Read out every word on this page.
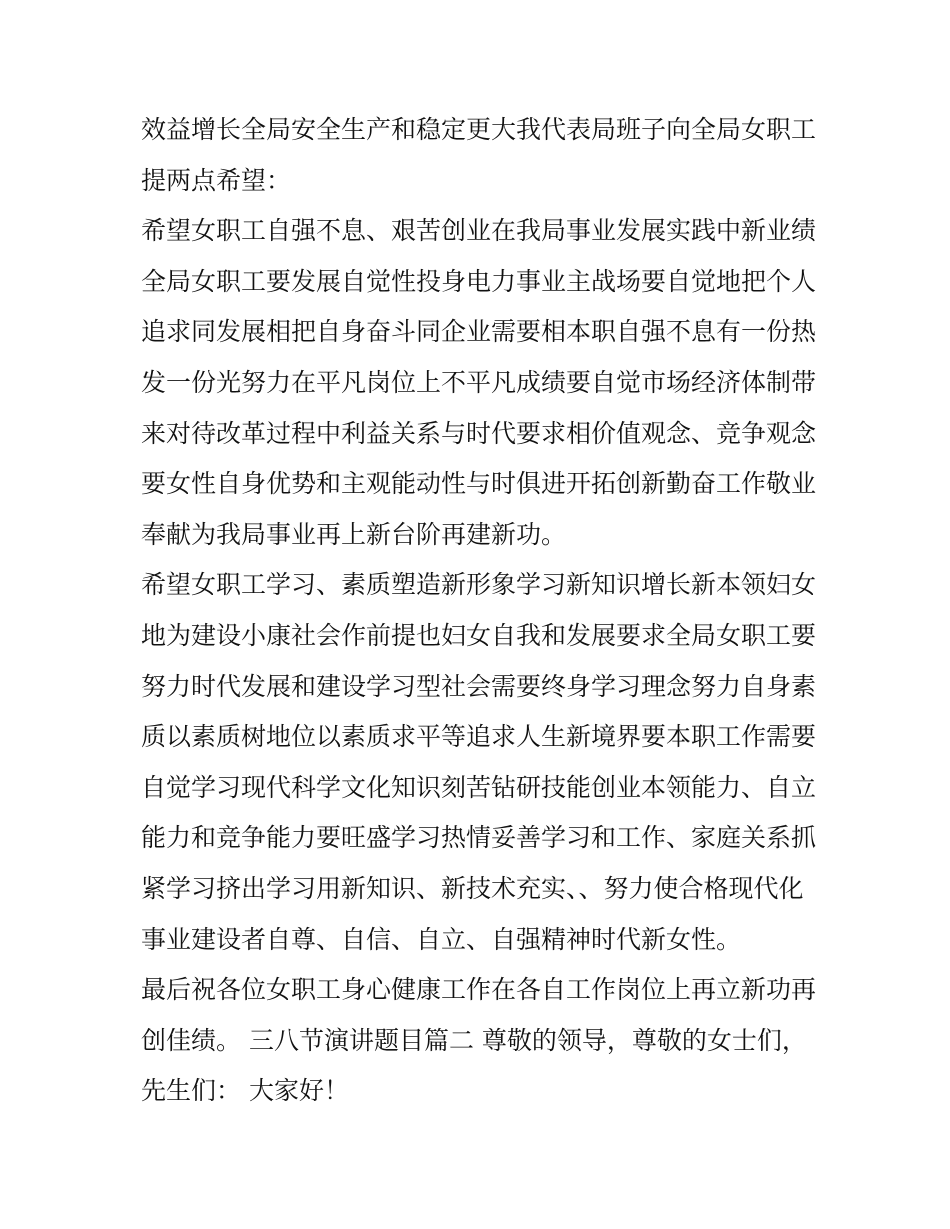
效益增长全局安全生产和稳定更大我代表局班子向全局女职工
提两点希望：
希望女职工自强不息、艰苦创业在我局事业发展实践中新业绩
全局女职工要发展自觉性投身电力事业主战场要自觉地把个人
追求同发展相把自身奋斗同企业需要相本职自强不息有一份热
发一份光努力在平凡岗位上不平凡成绩要自觉市场经济体制带
来对待改革过程中利益关系与时代要求相价值观念、竞争观念
要女性自身优势和主观能动性与时俱进开拓创新勤奋工作敬业
奉献为我局事业再上新台阶再建新功。
希望女职工学习、素质塑造新形象学习新知识增长新本领妇女
地为建设小康社会作前提也妇女自我和发展要求全局女职工要
努力时代发展和建设学习型社会需要终身学习理念努力自身素
质以素质树地位以素质求平等追求人生新境界要本职工作需要
自觉学习现代科学文化知识刻苦钻研技能创业本领能力、自立
能力和竞争能力要旺盛学习热情妥善学习和工作、家庭关系抓
紧学习挤出学习用新知识、新技术充实、、努力使合格现代化
事业建设者自尊、自信、自立、自强精神时代新女性。
最后祝各位女职工身心健康工作在各自工作岗位上再立新功再
创佳绩。 三八节演讲题目篇二 尊敬的领导，尊敬的女士们，
先生们： 大家好！
